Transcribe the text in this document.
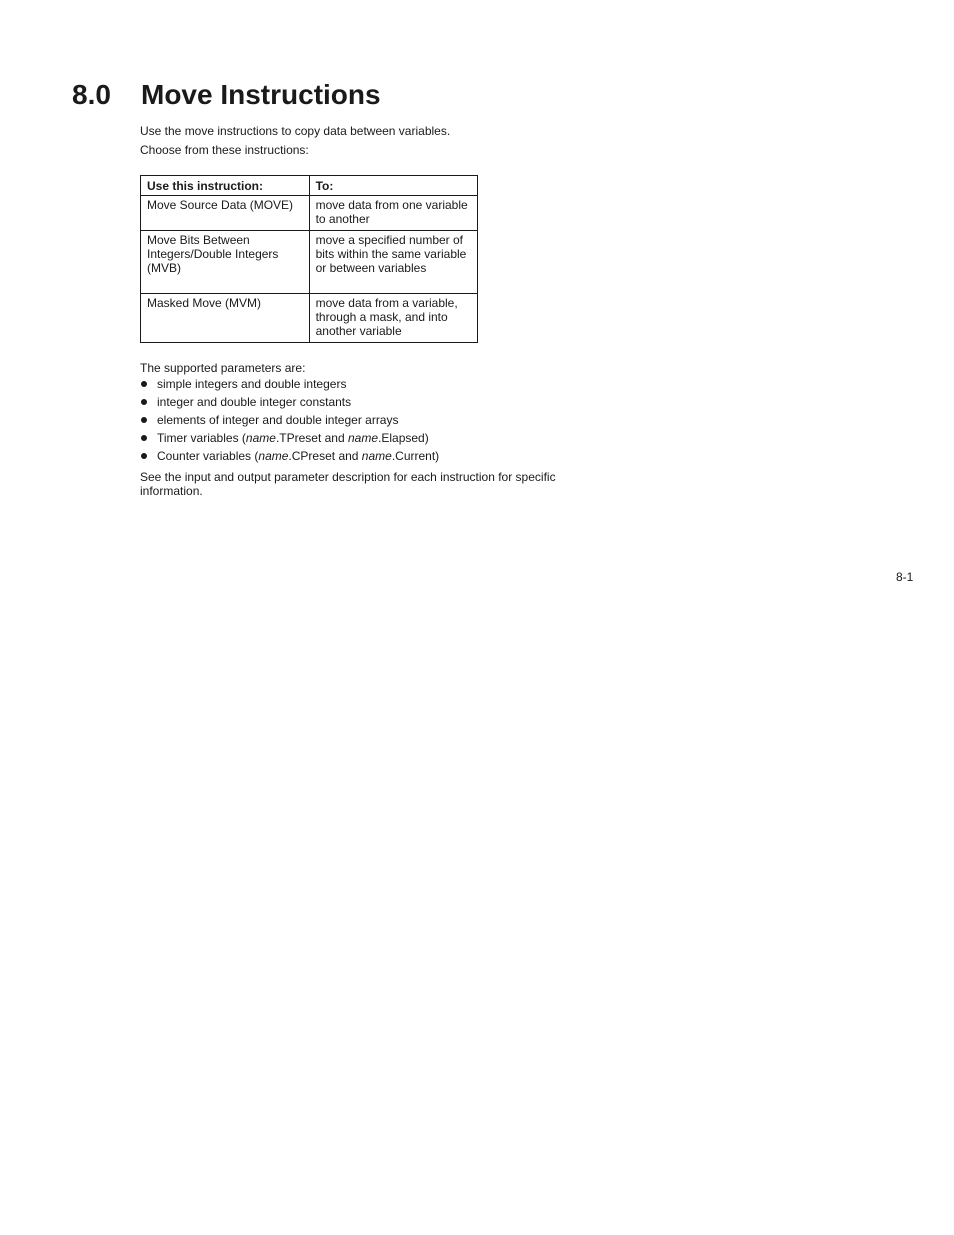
8.0 Move Instructions
Use the move instructions to copy data between variables.
Choose from these instructions:
Use this instruction:	To:
Move Source Data (MOVE)	move data from one variable to another
Move Bits Between Integers/Double Integers (MVB)	move a specified number of bits within the same variable or between variables
Masked Move (MVM)	move data from a variable, through a mask, and into another variable
The supported parameters are:
simple integers and double integers
integer and double integer constants
elements of integer and double integer arrays
Timer variables (name.TPreset and name.Elapsed)
Counter variables (name.CPreset and name.Current)
See the input and output parameter description for each instruction for specific information.
8-1
